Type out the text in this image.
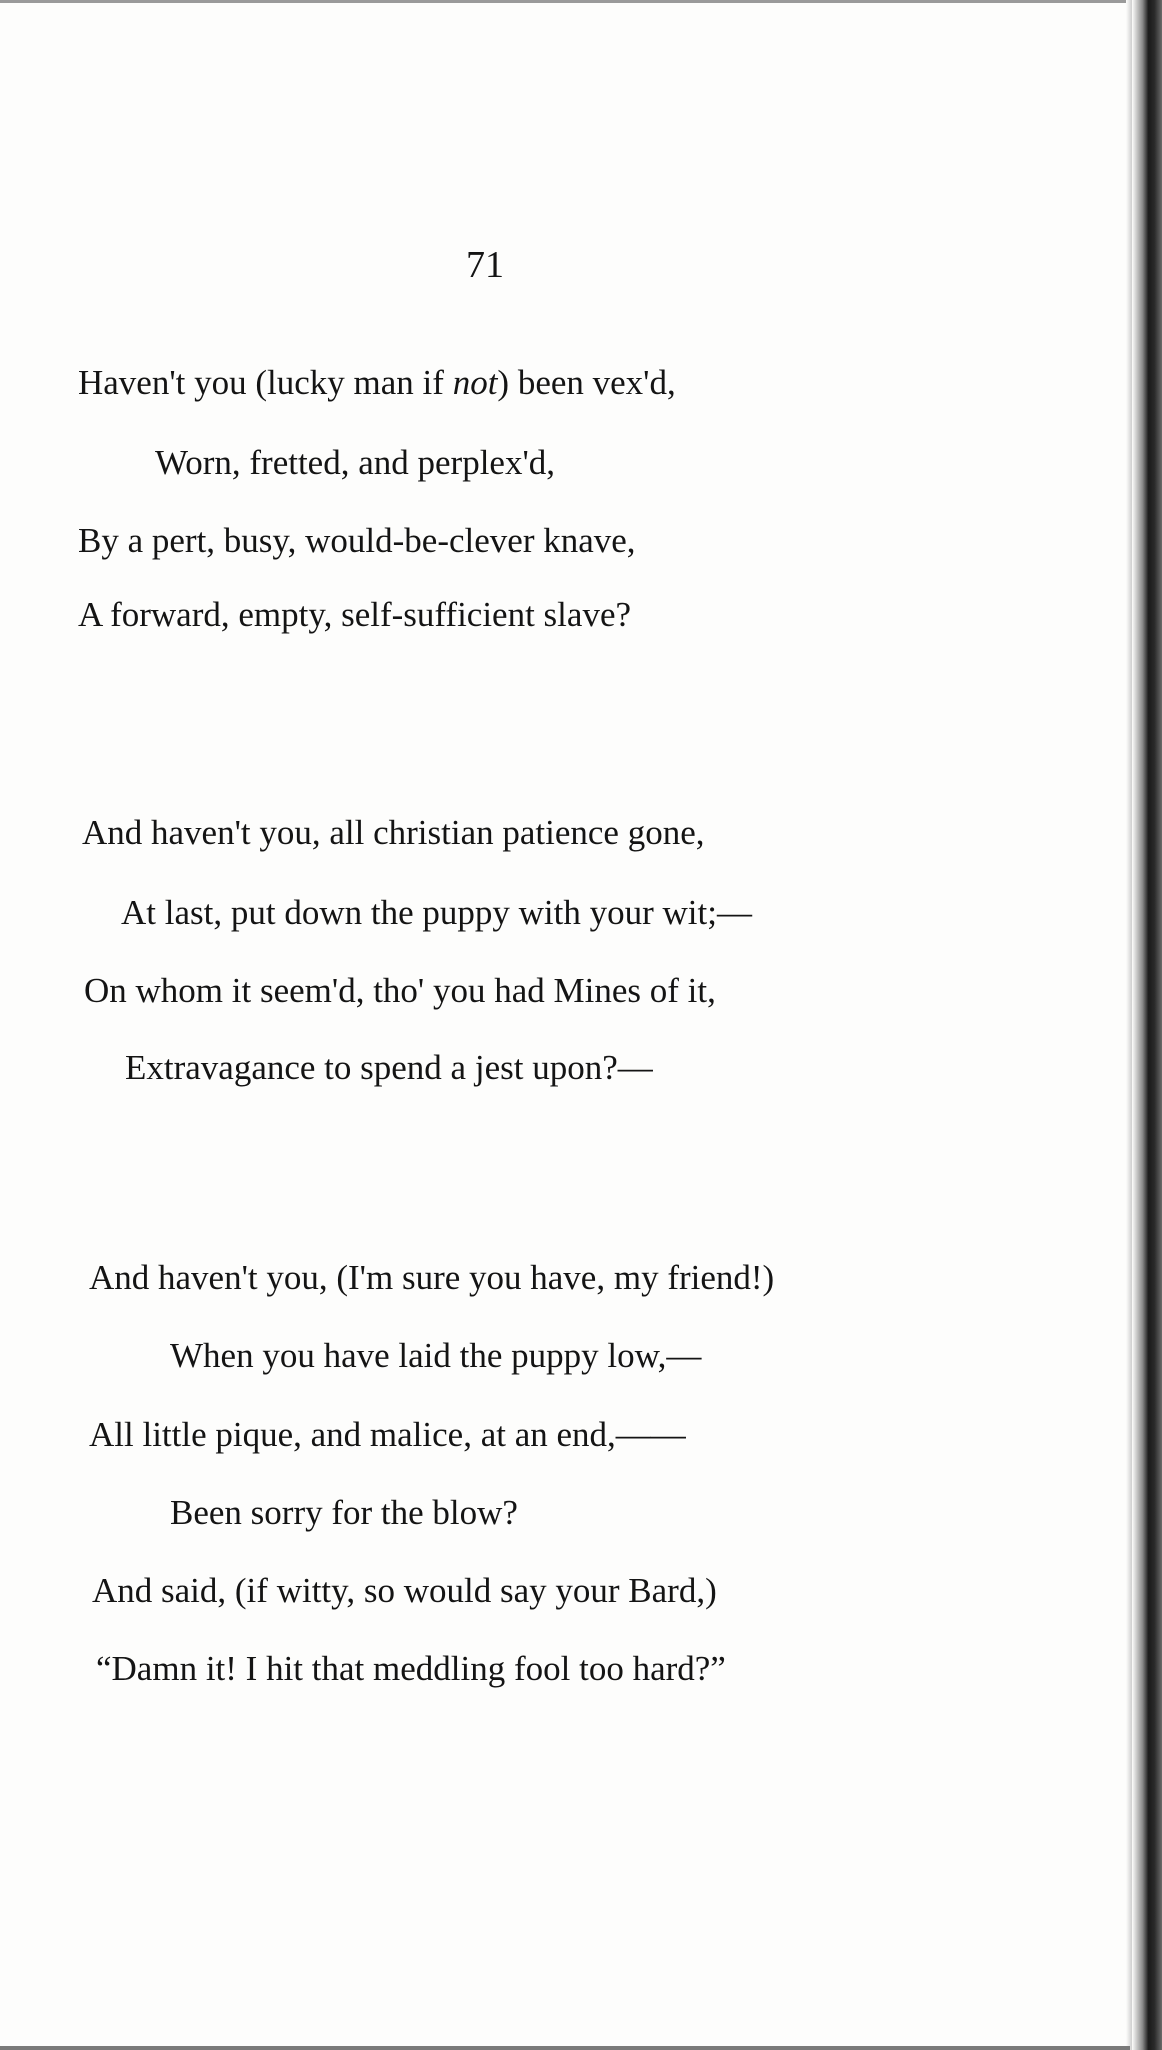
71
Haven't you (lucky man if not) been vex'd,
Worn, fretted, and perplex'd,
By a pert, busy, would-be-clever knave,
A forward, empty, self-sufficient slave?
And haven't you, all christian patience gone,
At last, put down the puppy with your wit;—
On whom it seem'd, tho' you had Mines of it,
Extravagance to spend a jest upon?—
And haven't you, (I'm sure you have, my friend!)
When you have laid the puppy low,—
All little pique, and malice, at an end,——
Been sorry for the blow?
And said, (if witty, so would say your Bard,)
“Damn it! I hit that meddling fool too hard?”
